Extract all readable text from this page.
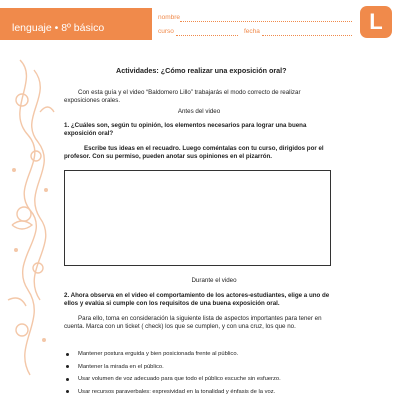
lenguaje • 8º básico
nombre
curso	fecha	L
Actividades: ¿Cómo realizar una exposición oral?
Con esta guía y el video “Baldomero Lillo” trabajarás el modo correcto de realizar exposiciones orales.
Antes del video
1. ¿Cuáles son, según tu opinión, los elementos necesarios para lograr una buena exposición oral?
Escribe tus ideas en el recuadro. Luego coméntalas con tu curso, dirigidos por el profesor. Con su permiso, pueden anotar sus opiniones en el pizarrón.
Durante el video
2. Ahora observa en el video el comportamiento de los actores-estudiantes, elige a uno de ellos y evalúa si cumple con los requisitos de una buena exposición oral.
Para ello, toma en consideración la siguiente lista de aspectos importantes para tener en cuenta. Marca con un ticket ( check) los que se cumplen, y con una cruz, los que no.
Mantener postura erguida y bien posicionada frente al público.
Mantener la mirada en el público.
Usar volumen de voz adecuado para que todo el público escuche sin esfuerzo.
Usar recursos paraverbales: expresividad en la tonalidad y énfasis de la voz.
